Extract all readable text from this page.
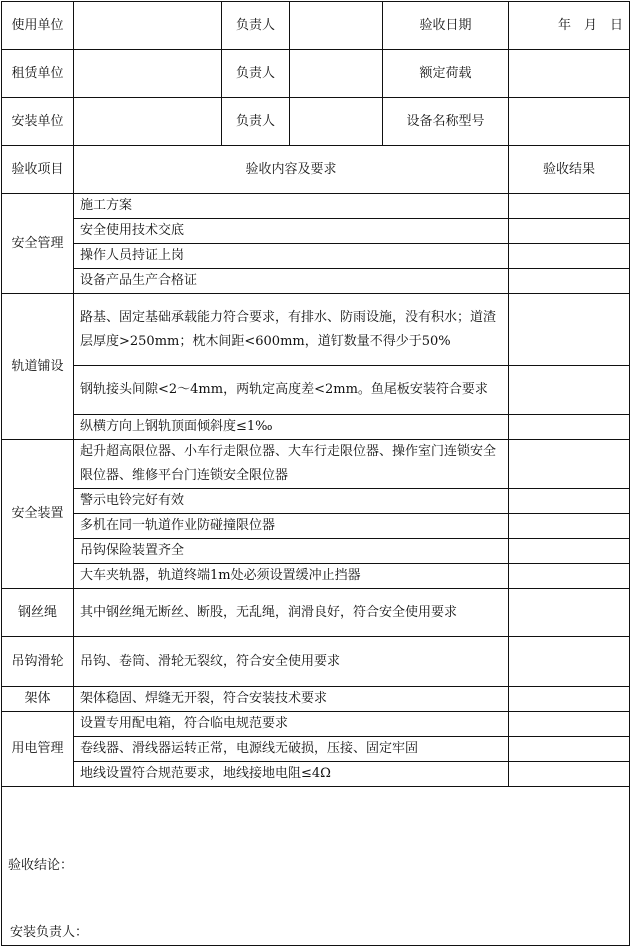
使用单位		负责人		验收日期	年　月　日
租赁单位		负责人		额定荷载	
安装单位		负责人		设备名称型号	
验收项目	验收内容及要求				验收结果
安全管理	施工方案				
	安全使用技术交底				
	操作人员持证上岗				
	设备产品生产合格证				
轨道铺设	路基、固定基础承载能力符合要求，有排水、防雨设施，没有积水；道渣层厚度>250mm；枕木间距<600mm，道钉数量不得少于50%				
	钢轨接头间隙<2～4mm，两轨定高度差<2mm。鱼尾板安装符合要求				
	纵横方向上钢轨顶面倾斜度≤1‰				
安全装置	起升超高限位器、小车行走限位器、大车行走限位器、操作室门连锁安全限位器、维修平台门连锁安全限位器				
	警示电铃完好有效				
	多机在同一轨道作业防碰撞限位器				
	吊钩保险装置齐全				
	大车夹轨器，轨道终端1m处必须设置缓冲止挡器				
钢丝绳	其中钢丝绳无断丝、断股，无乱绳，润滑良好，符合安全使用要求				
吊钩滑轮	吊钩、卷筒、滑轮无裂纹，符合安全使用要求				
架体	架体稳固、焊缝无开裂，符合安装技术要求				
用电管理	设置专用配电箱，符合临电规范要求				
	卷线器、滑线器运转正常，电源线无破损，压接、固定牢固				
	地线设置符合规范要求，地线接地电阻≤4Ω				

验收结论：
安装负责人：					
